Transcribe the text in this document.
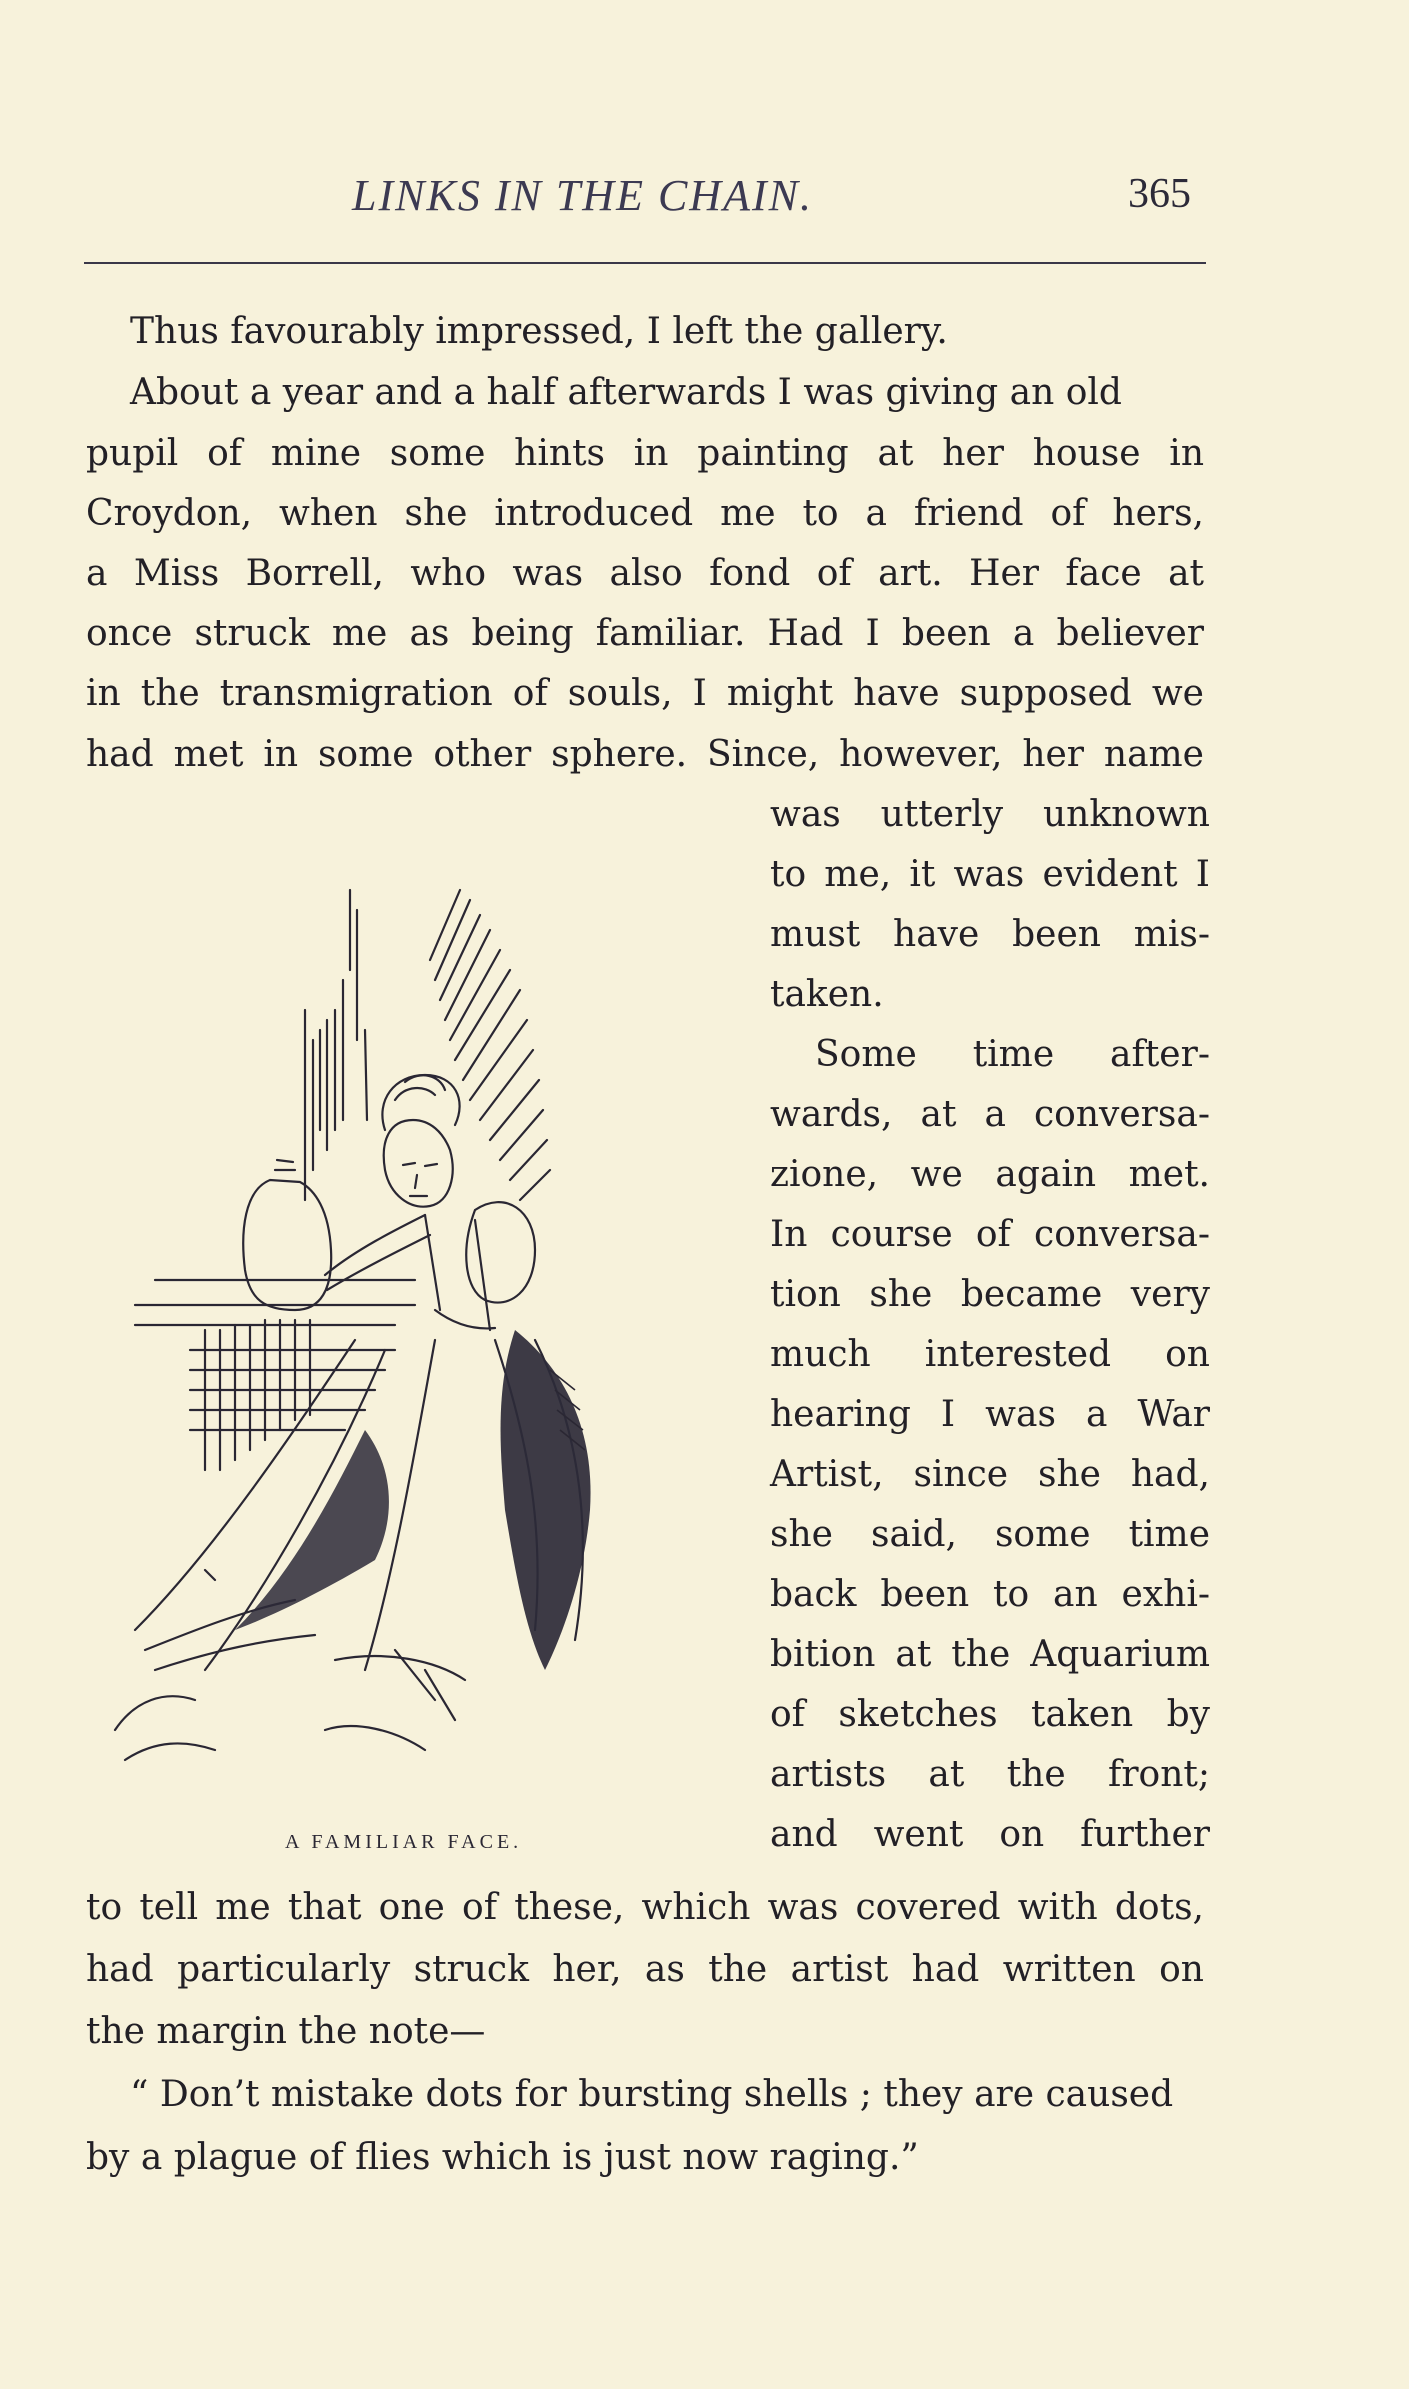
LINKS IN THE CHAIN.	365
Thus favourably impressed, I left the gallery.
About a year and a half afterwards I was giving an old
pupil of mine some hints in painting at her house in
Croydon, when she introduced me to a friend of hers,
a Miss Borrell, who was also fond of art. Her face at
once struck me as being familiar. Had I been a believer
in the transmigration of souls, I might have supposed we
had met in some other sphere. Since, however, her name
was utterly unknown
to me, it was evident I
must have been mis-
taken.
Some time after-
wards, at a conversa-
zione, we again met.
In course of conversa-
tion she became very
much interested on
hearing I was a War
Artist, since she had,
she said, some time
back been to an exhi-
bition at the Aquarium
of sketches taken by
artists at the front;
and went on further
to tell me that one of these, which was covered with dots,
had particularly struck her, as the artist had written on
the margin the note—
“ Don’t mistake dots for bursting shells ; they are caused
by a plague of flies which is just now raging.”
A FAMILIAR FACE.
